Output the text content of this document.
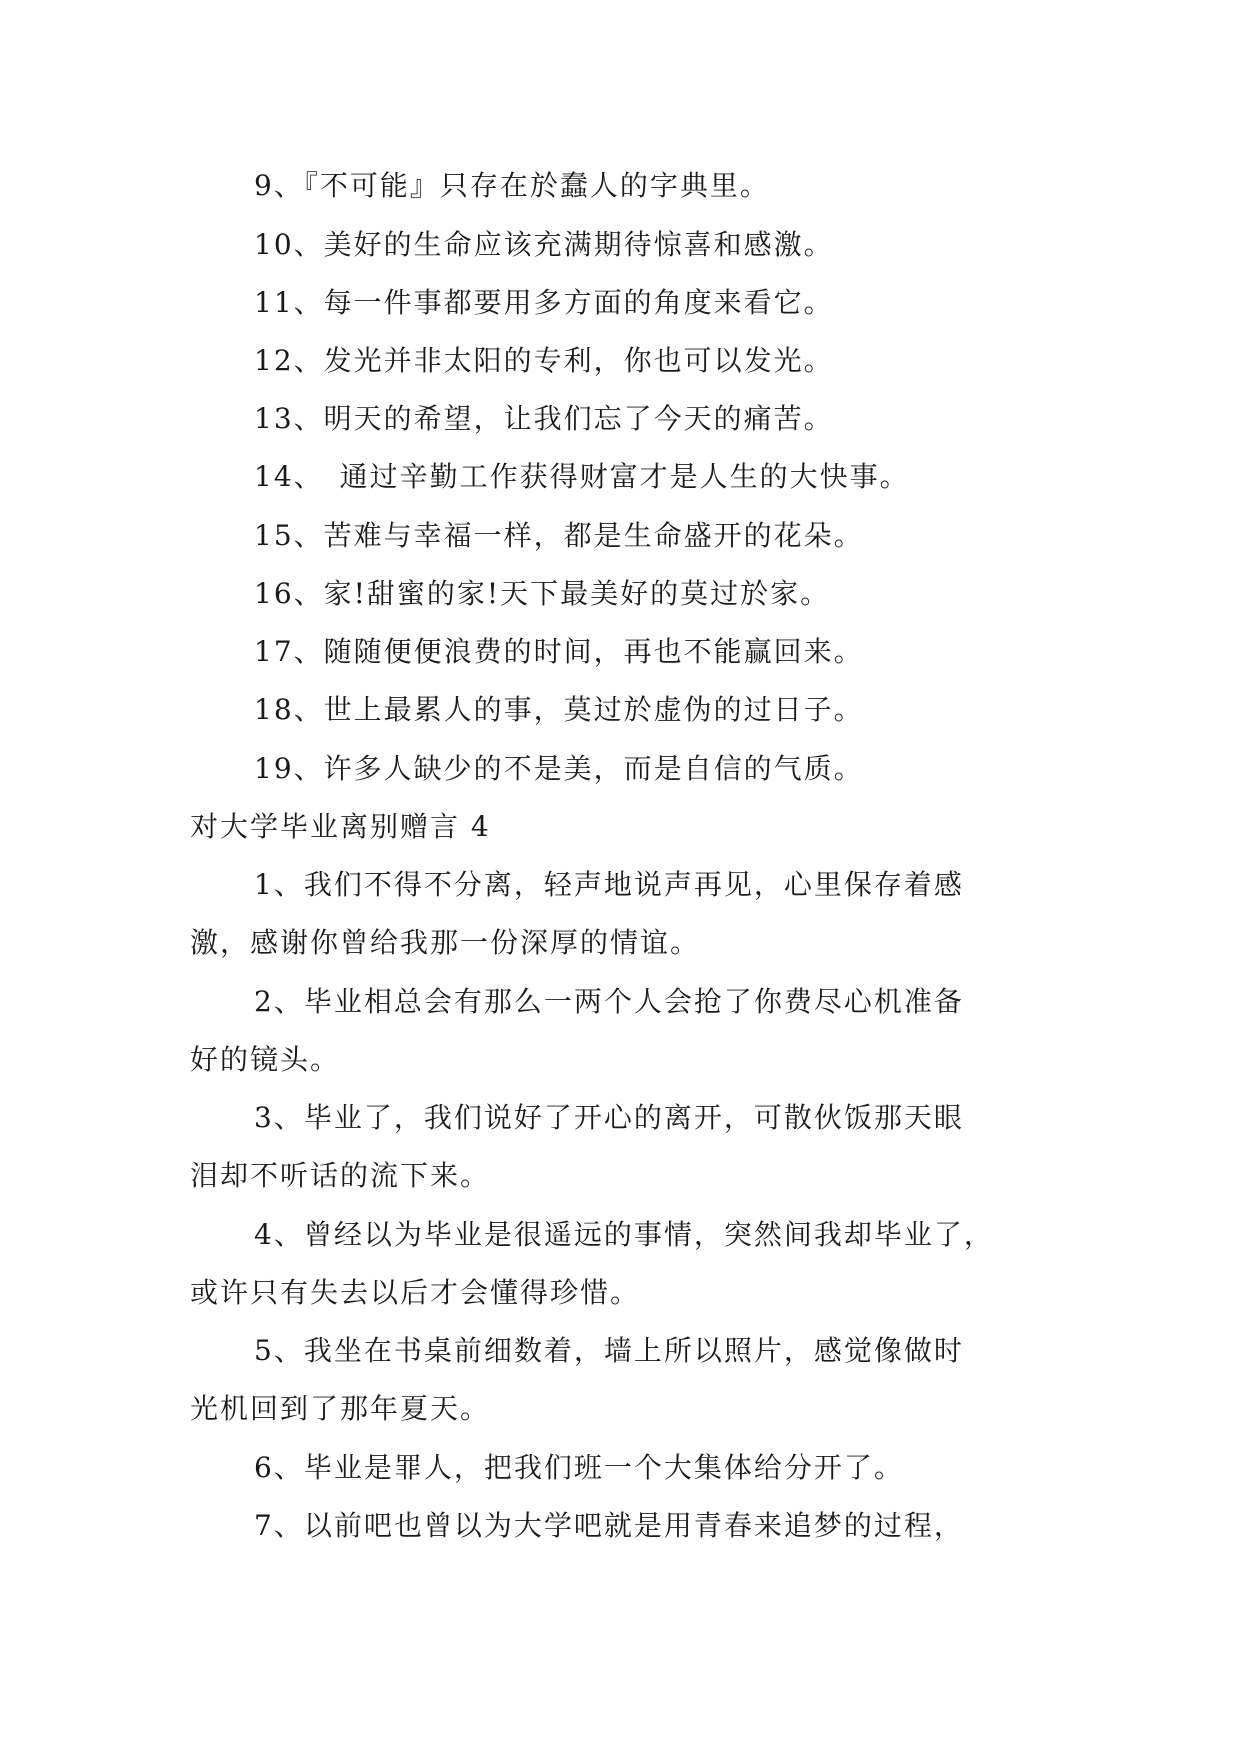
9、『不可能』只存在於蠢人的字典里。
10、美好的生命应该充满期待惊喜和感激。
11、每一件事都要用多方面的角度来看它。
12、发光并非太阳的专利，你也可以发光。
13、明天的希望，让我们忘了今天的痛苦。
14、　通过辛勤工作获得财富才是人生的大快事。
15、苦难与幸福一样，都是生命盛开的花朵。
16、家!甜蜜的家!天下最美好的莫过於家。
17、随随便便浪费的时间，再也不能赢回来。
18、世上最累人的事，莫过於虚伪的过日子。
19、许多人缺少的不是美，而是自信的气质。
对大学毕业离别赠言 4
1、我们不得不分离，轻声地说声再见，心里保存着感
激，感谢你曾给我那一份深厚的情谊。
2、毕业相总会有那么一两个人会抢了你费尽心机准备
好的镜头。
3、毕业了，我们说好了开心的离开，可散伙饭那天眼
泪却不听话的流下来。
4、曾经以为毕业是很遥远的事情，突然间我却毕业了，
或许只有失去以后才会懂得珍惜。
5、我坐在书桌前细数着，墙上所以照片，感觉像做时
光机回到了那年夏天。
6、毕业是罪人，把我们班一个大集体给分开了。
7、以前吧也曾以为大学吧就是用青春来追梦的过程，
